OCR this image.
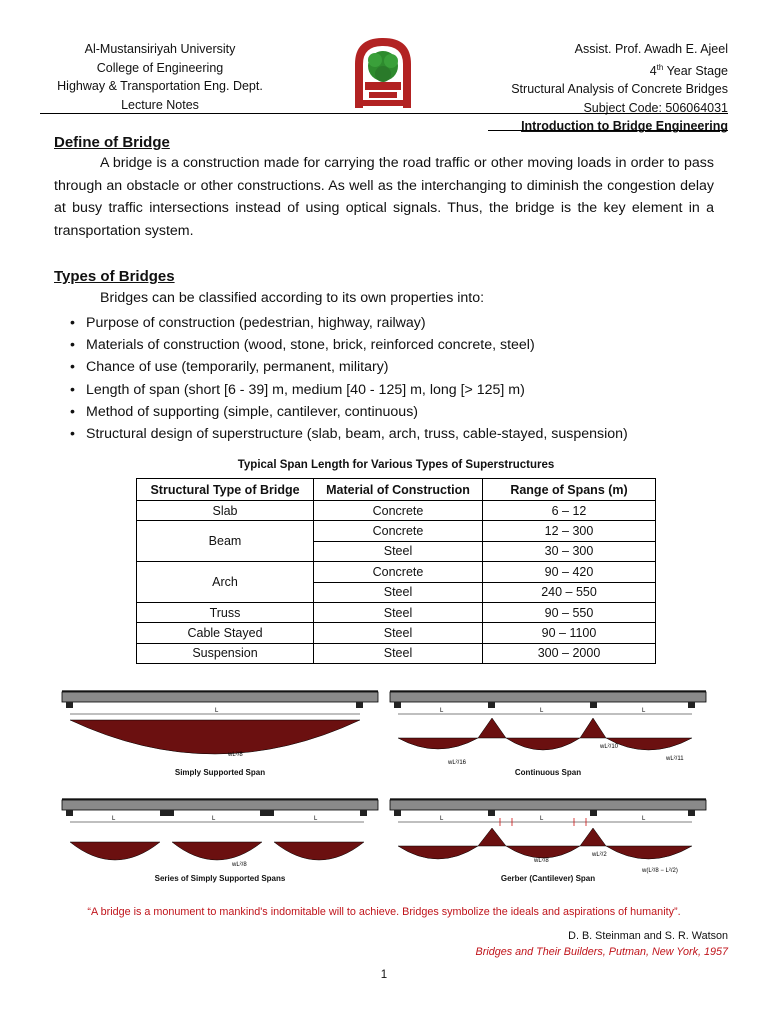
Al-Mustansiriyah University
College of Engineering
Highway & Transportation Eng. Dept.
Lecture Notes
Assist. Prof. Awadh E. Ajeel
4th Year Stage
Structural Analysis of Concrete Bridges
Subject Code: 506064031
Introduction to Bridge Engineering
Define of Bridge

A bridge is a construction made for carrying the road traffic or other moving loads in order to pass through an obstacle or other constructions. As well as the interchanging to diminish the congestion delay at busy traffic intersections instead of using optical signals. Thus, the bridge is the key element in a transportation system.

Types of Bridges
Bridges can be classified according to its own properties into:
• Purpose of construction (pedestrian, highway, railway)
• Materials of construction (wood, stone, brick, reinforced concrete, steel)
• Chance of use (temporarily, permanent, military)
• Length of span (short [6 - 39] m, medium [40 - 125] m, long [> 125] m)
• Method of supporting (simple, cantilever, continuous)
• Structural design of superstructure (slab, beam, arch, truss, cable-stayed, suspension)
Typical Span Length for Various Types of Superstructures
Structural Type of Bridge	Material of Construction	Range of Spans (m)
Slab	Concrete	6 – 12
Beam	Concrete	12 – 300
	Steel	30 – 300
Arch	Concrete	90 – 420
	Steel	240 – 550
Truss	Steel	90 – 550
Cable Stayed	Steel	90 – 1100
Suspension	Steel	300 – 2000
L
wL²/8
Simply Supported Span
L	L	L
wL²/16
wL²/10
wL²/11
Continuous Span
L	L	L
wL²/8
Series of Simply Supported Spans
L	L	L
wL²/8
wL²/2
w(L²/8 − L²/2)
Gerber (Cantilever) Span
“A bridge is a monument to mankind's indomitable will to achieve. Bridges symbolize the ideals and aspirations of humanity”.
D. B. Steinman and S. R. Watson
Bridges and Their Builders, Putman, New York, 1957
1
